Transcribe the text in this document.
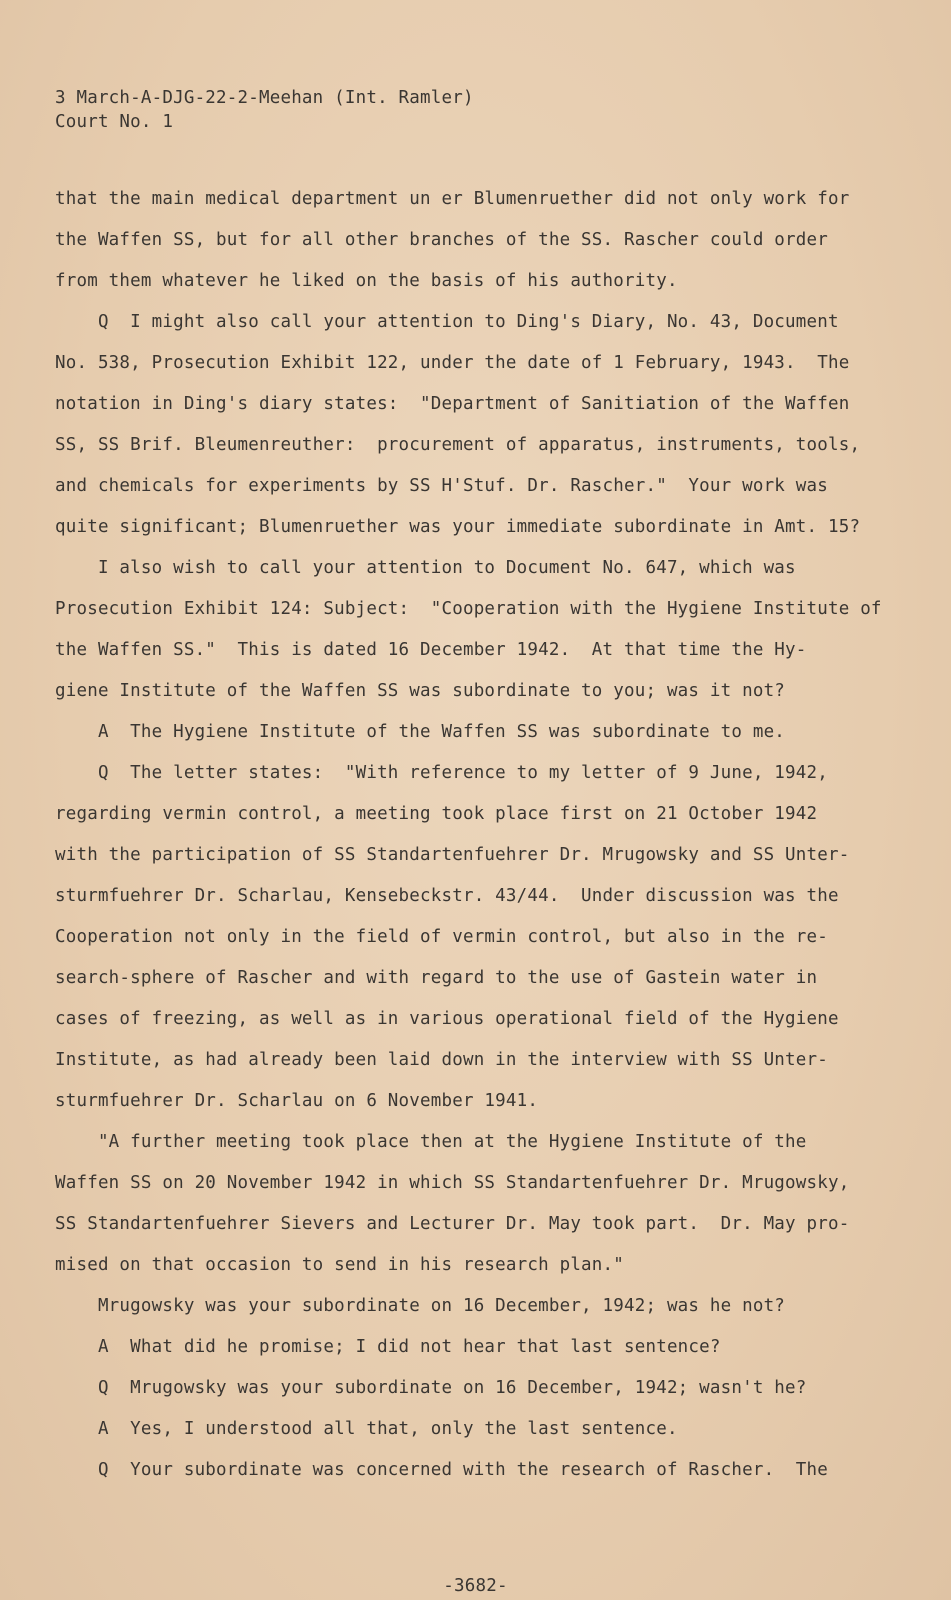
3 March-A-DJG-22-2-Meehan (Int. Ramler)
Court No. 1
that the main medical department un er Blumenruether did not only work for
the Waffen SS, but for all other branches of the SS. Rascher could order
from them whatever he liked on the basis of his authority.
Q  I might also call your attention to Ding's Diary, No. 43, Document
No. 538, Prosecution Exhibit 122, under the date of 1 February, 1943.  The
notation in Ding's diary states:  "Department of Sanitiation of the Waffen
SS, SS Brif. Bleumenreuther:  procurement of apparatus, instruments, tools,
and chemicals for experiments by SS H'Stuf. Dr. Rascher."  Your work was
quite significant; Blumenruether was your immediate subordinate in Amt. 15?
I also wish to call your attention to Document No. 647, which was
Prosecution Exhibit 124: Subject:  "Cooperation with the Hygiene Institute of
the Waffen SS."  This is dated 16 December 1942.  At that time the Hy-
giene Institute of the Waffen SS was subordinate to you; was it not?
A  The Hygiene Institute of the Waffen SS was subordinate to me.
Q  The letter states:  "With reference to my letter of 9 June, 1942,
regarding vermin control, a meeting took place first on 21 October 1942
with the participation of SS Standartenfuehrer Dr. Mrugowsky and SS Unter-
sturmfuehrer Dr. Scharlau, Kensebeckstr. 43/44.  Under discussion was the
Cooperation not only in the field of vermin control, but also in the re-
search-sphere of Rascher and with regard to the use of Gastein water in
cases of freezing, as well as in various operational field of the Hygiene
Institute, as had already been laid down in the interview with SS Unter-
sturmfuehrer Dr. Scharlau on 6 November 1941.
"A further meeting took place then at the Hygiene Institute of the
Waffen SS on 20 November 1942 in which SS Standartenfuehrer Dr. Mrugowsky,
SS Standartenfuehrer Sievers and Lecturer Dr. May took part.  Dr. May pro-
mised on that occasion to send in his research plan."
Mrugowsky was your subordinate on 16 December, 1942; was he not?
A  What did he promise; I did not hear that last sentence?
Q  Mrugowsky was your subordinate on 16 December, 1942; wasn't he?
A  Yes, I understood all that, only the last sentence.
Q  Your subordinate was concerned with the research of Rascher.  The
-3682-
